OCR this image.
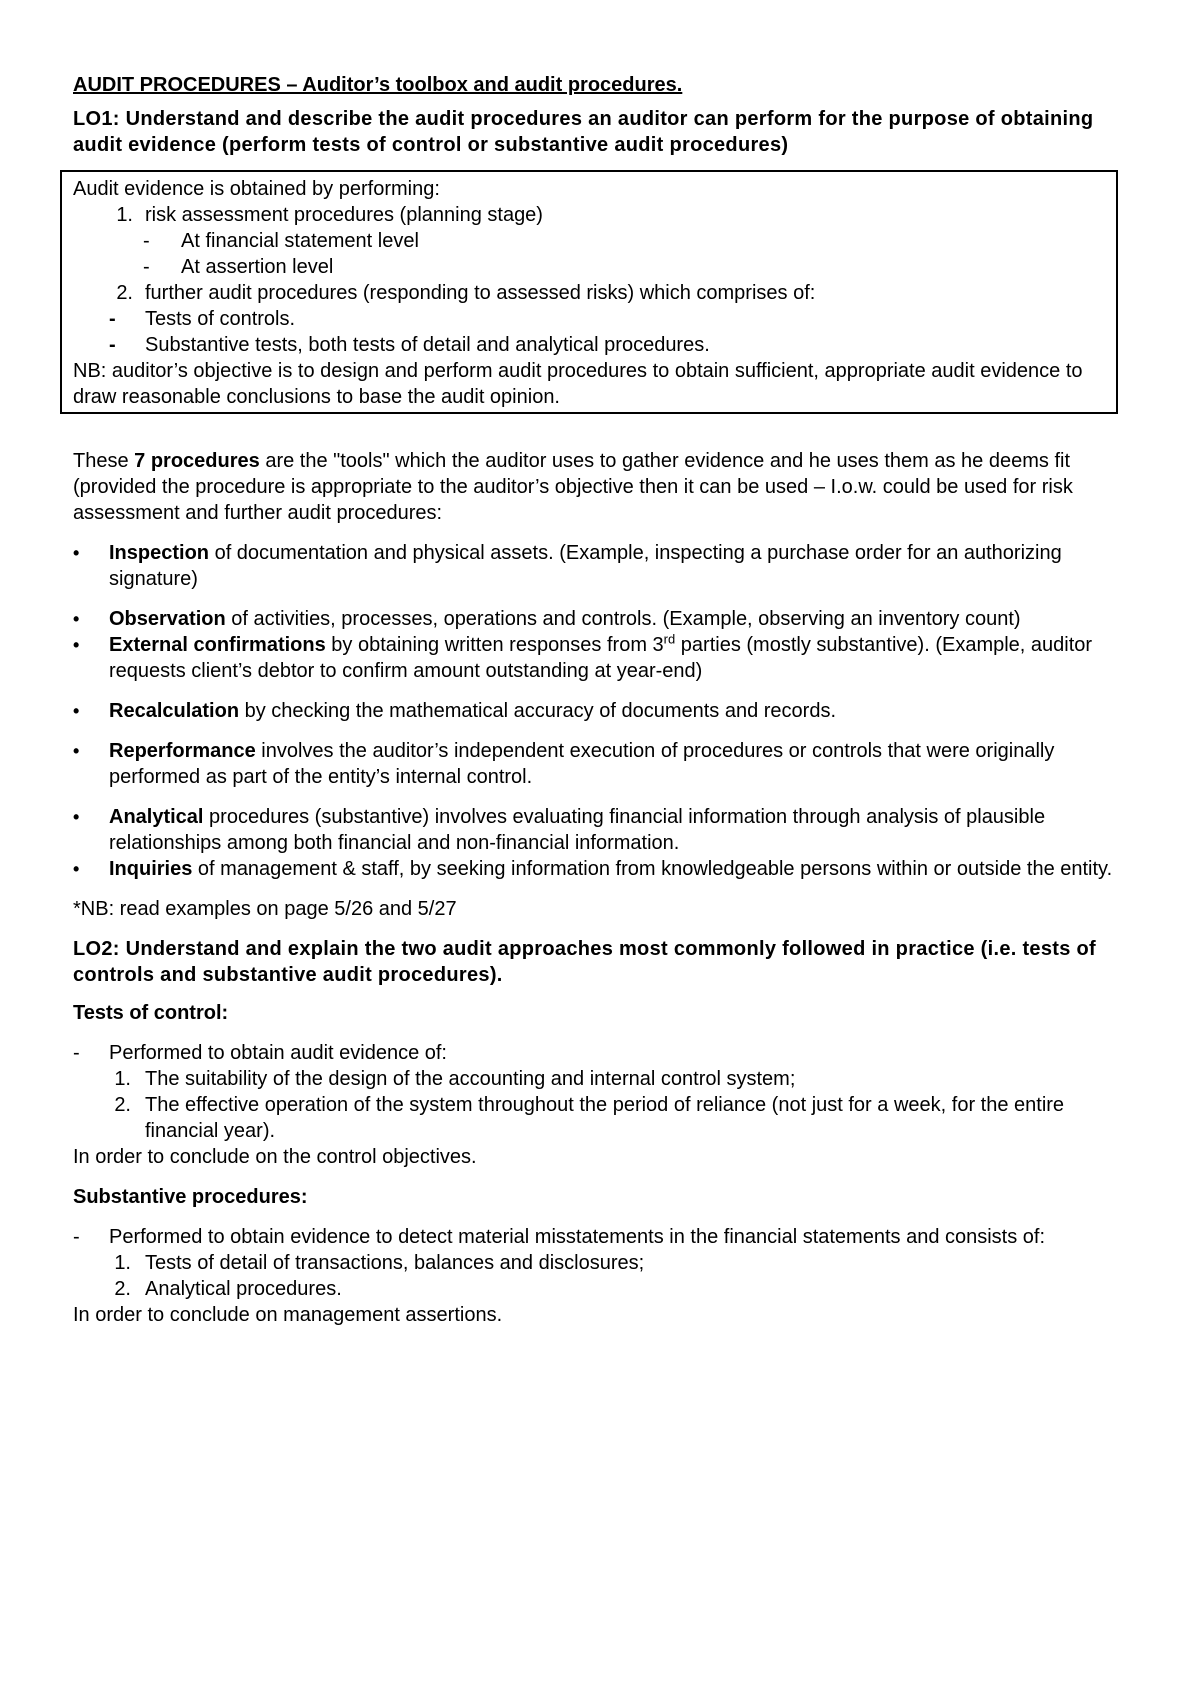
AUDIT PROCEDURES – Auditor’s toolbox and audit procedures.
LO1: Understand and describe the audit procedures an auditor can perform for the purpose of obtaining audit evidence (perform tests of control or substantive audit procedures)
Audit evidence is obtained by performing:
1. risk assessment procedures (planning stage)
-	At financial statement level
-	At assertion level
2. further audit procedures (responding to assessed risks) which comprises of:
-	Tests of controls.
-	Substantive tests, both tests of detail and analytical procedures.
NB: auditor’s objective is to design and perform audit procedures to obtain sufficient, appropriate audit evidence to draw reasonable conclusions to base the audit opinion.

These 7 procedures are the "tools" which the auditor uses to gather evidence and he uses them as he deems fit (provided the procedure is appropriate to the auditor’s objective then it can be used – I.o.w. could be used for risk assessment and further audit procedures:

•	Inspection of documentation and physical assets. (Example, inspecting a purchase order for an authorizing signature)
•	Observation of activities, processes, operations and controls. (Example, observing an inventory count)
•	External confirmations by obtaining written responses from 3rd parties (mostly substantive). (Example, auditor requests client’s debtor to confirm amount outstanding at year-end)
•	Recalculation by checking the mathematical accuracy of documents and records.
•	Reperformance involves the auditor’s independent execution of procedures or controls that were originally performed as part of the entity’s internal control.
•	Analytical procedures (substantive) involves evaluating financial information through analysis of plausible relationships among both financial and non-financial information.
•	Inquiries of management & staff, by seeking information from knowledgeable persons within or outside the entity.

*NB: read examples on page 5/26 and 5/27

LO2: Understand and explain the two audit approaches most commonly followed in practice (i.e. tests of controls and substantive audit procedures).
Tests of control:
-	Performed to obtain audit evidence of:
1. The suitability of the design of the accounting and internal control system;
2. The effective operation of the system throughout the period of reliance (not just for a week, for the entire financial year).
In order to conclude on the control objectives.
Substantive procedures:
-	Performed to obtain evidence to detect material misstatements in the financial statements and consists of:
1. Tests of detail of transactions, balances and disclosures;
2. Analytical procedures.
In order to conclude on management assertions.
